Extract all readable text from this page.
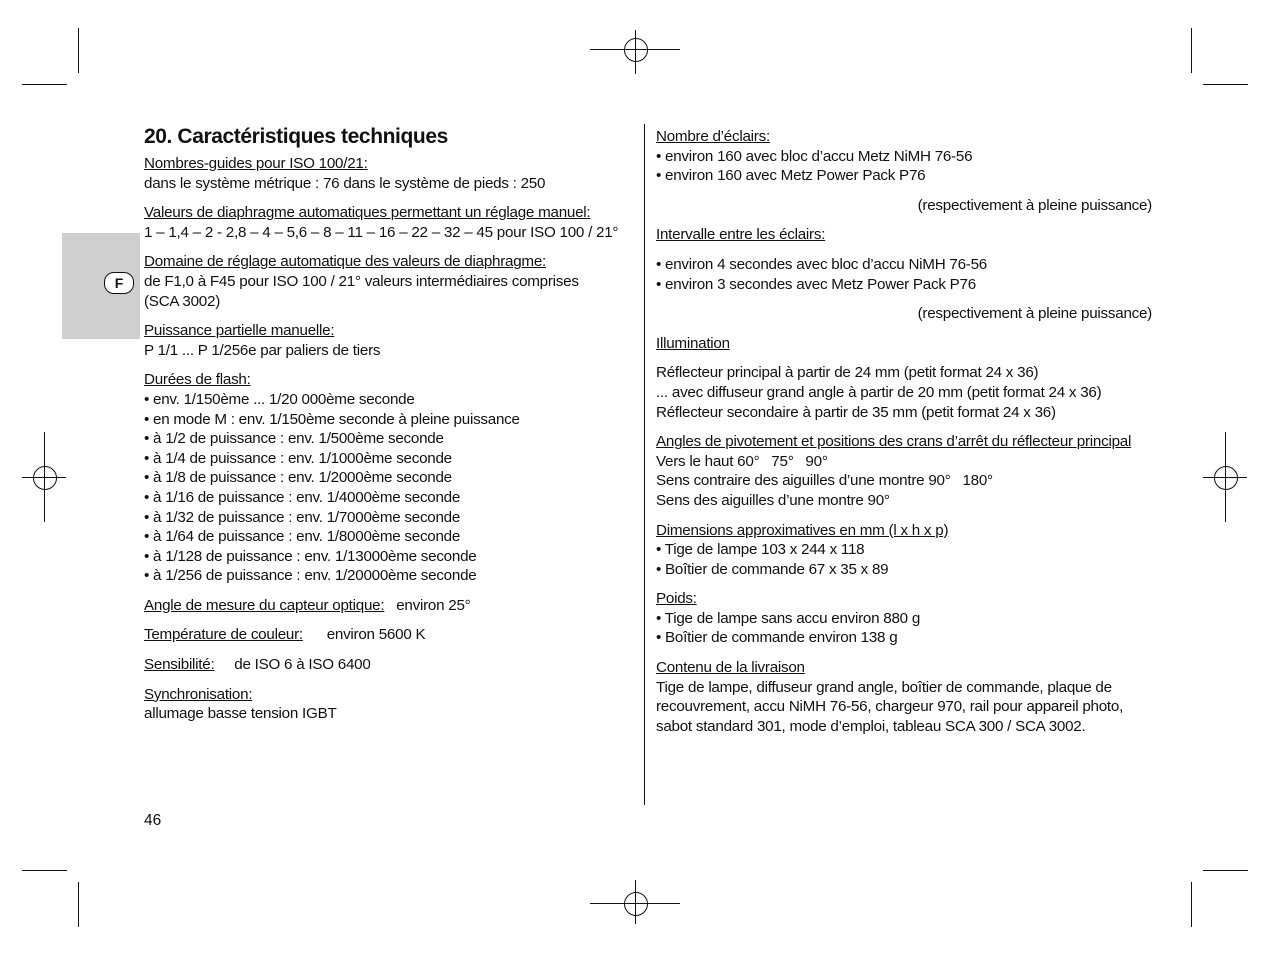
F
20. Caractéristiques techniques
Nombres-guides pour ISO 100/21:
dans le système métrique : 76 dans le système de pieds : 250
Valeurs de diaphragme automatiques permettant un réglage manuel:
1 – 1,4 – 2 - 2,8 – 4 – 5,6 – 8 – 11 – 16 – 22 – 32 – 45 pour ISO 100 / 21°
Domaine de réglage automatique des valeurs de diaphragme:
de F1,0 à F45 pour ISO 100 / 21° valeurs intermédiaires comprises
(SCA 3002)
Puissance partielle manuelle:
P 1/1 ... P 1/256e par paliers de tiers
Durées de flash:
• env. 1/150ème ... 1/20 000ème seconde
• en mode M : env. 1/150ème seconde à pleine puissance
• à 1/2 de puissance : env. 1/500ème seconde
• à 1/4 de puissance : env. 1/1000ème seconde
• à 1/8 de puissance : env. 1/2000ème seconde
• à 1/16 de puissance : env. 1/4000ème seconde
• à 1/32 de puissance : env. 1/7000ème seconde
• à 1/64 de puissance : env. 1/8000ème seconde
• à 1/128 de puissance : env. 1/13000ème seconde
• à 1/256 de puissance : env. 1/20000ème seconde
Angle de mesure du capteur optique:   environ 25°
Température de couleur:      environ 5600 K
Sensibilité:     de ISO 6 à ISO 6400
Synchronisation:
allumage basse tension IGBT
Nombre d’éclairs:
• environ 160 avec bloc d’accu Metz NiMH 76-56
• environ 160 avec Metz Power Pack P76
(respectivement à pleine puissance)
Intervalle entre les éclairs:
• environ 4 secondes avec bloc d’accu NiMH 76-56
• environ 3 secondes avec Metz Power Pack P76
(respectivement à pleine puissance)
Illumination
Réflecteur principal à partir de 24 mm (petit format 24 x 36)
... avec diffuseur grand angle à partir de 20 mm (petit format 24 x 36)
Réflecteur secondaire à partir de 35 mm (petit format 24 x 36)
Angles de pivotement et positions des crans d’arrêt du réflecteur principal
Vers le haut 60°   75°   90°
Sens contraire des aiguilles d’une montre 90°   180°
Sens des aiguilles d’une montre 90°
Dimensions approximatives en mm (l x h x p)
• Tige de lampe 103 x 244 x 118
• Boîtier de commande 67 x 35 x 89
Poids:
• Tige de lampe sans accu environ 880 g
• Boîtier de commande environ 138 g
Contenu de la livraison
Tige de lampe, diffuseur grand angle, boîtier de commande, plaque de
recouvrement, accu NiMH 76-56, chargeur 970, rail pour appareil photo,
sabot standard 301, mode d’emploi, tableau SCA 300 / SCA 3002.
46
